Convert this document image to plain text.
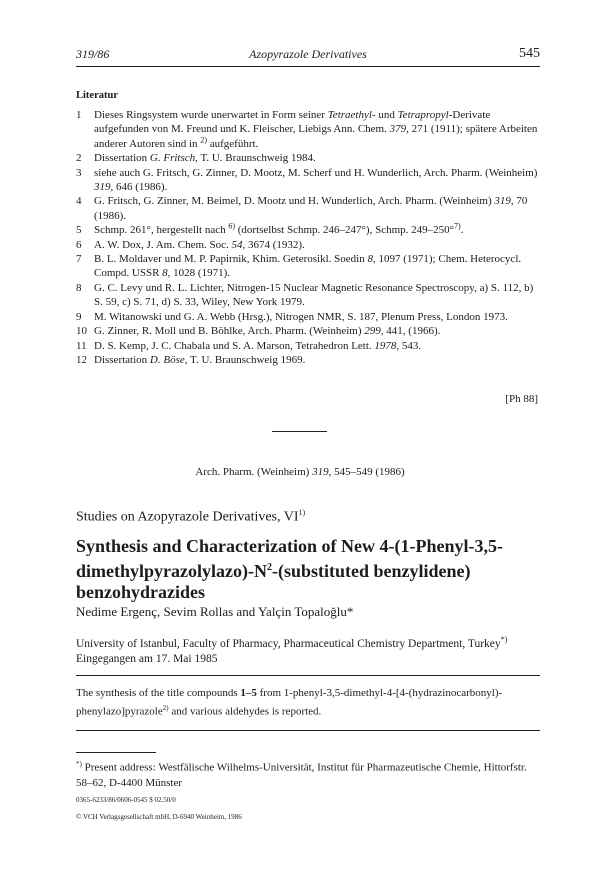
319/86	Azopyrazole Derivatives	545
Literatur
1	Dieses Ringsystem wurde unerwartet in Form seiner Tetraethyl- und Tetrapropyl-Derivate aufgefunden von M. Freund und K. Fleischer, Liebigs Ann. Chem. 379, 271 (1911); spätere Arbeiten anderer Autoren sind in $^{2)}$ aufgeführt.
2	Dissertation G. Fritsch, T. U. Braunschweig 1984.
3	siehe auch G. Fritsch, G. Zinner, D. Mootz, M. Scherf und H. Wunderlich, Arch. Pharm. (Weinheim) 319, 646 (1986).
4	G. Fritsch, G. Zinner, M. Beimel, D. Mootz und H. Wunderlich, Arch. Pharm. (Weinheim) 319, 70 (1986).
5	Schmp. 261°, hergestellt nach $^{6)}$ (dortselbst Schmp. 246–247°), Schmp. 249–250°$^{7)}$.
6	A. W. Dox, J. Am. Chem. Soc. 54, 3674 (1932).
7	B. L. Moldaver und M. P. Papirnik, Khim. Geterosikl. Soedin 8, 1097 (1971); Chem. Heterocycl. Compd. USSR 8, 1028 (1971).
8	G. C. Levy und R. L. Lichter, Nitrogen-15 Nuclear Magnetic Resonance Spectroscopy, a) S. 112, b) S. 59, c) S. 71, d) S. 33, Wiley, New York 1979.
9	M. Witanowski und G. A. Webb (Hrsg.), Nitrogen NMR, S. 187, Plenum Press, London 1973.
10 G. Zinner, R. Moll und B. Böhlke, Arch. Pharm. (Weinheim) 299, 441, (1966).
11 D. S. Kemp, J. C. Chabala und S. A. Marson, Tetrahedron Lett. 1978, 543.
12 Dissertation D. Böse, T. U. Braunschweig 1969.
[Ph 88]
Arch. Pharm. (Weinheim) 319, 545–549 (1986)
Studies on Azopyrazole Derivatives, VI$^{1)}$
Synthesis and Characterization of New 4-(1-Phenyl-3,5-
$dimethylpyrazolylazo)-N^2-(substituted$ benzylidene)
benzohydrazides
Nedime Ergenç, Sevim Rollas and Yalçin Topaloğlu*
University of Istanbul, Faculty of Pharmacy, Pharmaceutical Chemistry Department, Turkey*)
Eingegangen am 17. Mai 1985
The synthesis of the title compounds 1–5 from 1-phenyl-3,5-dimethyl-4-[4-(hydrazinocarbonyl)-phenylazo]pyrazole$^{2)}$ and various aldehydes is reported.
*) Present address: Westfälische Wilhelms-Universität, Institut für Pharmazeutische Chemie, Hittorfstr. 58–62, D-4400 Münster
0365-6233/86/0606-0545 $ 02.50/0
© VCH Verlagsgesellschaft mbH, D-6940 Weinheim, 1986
